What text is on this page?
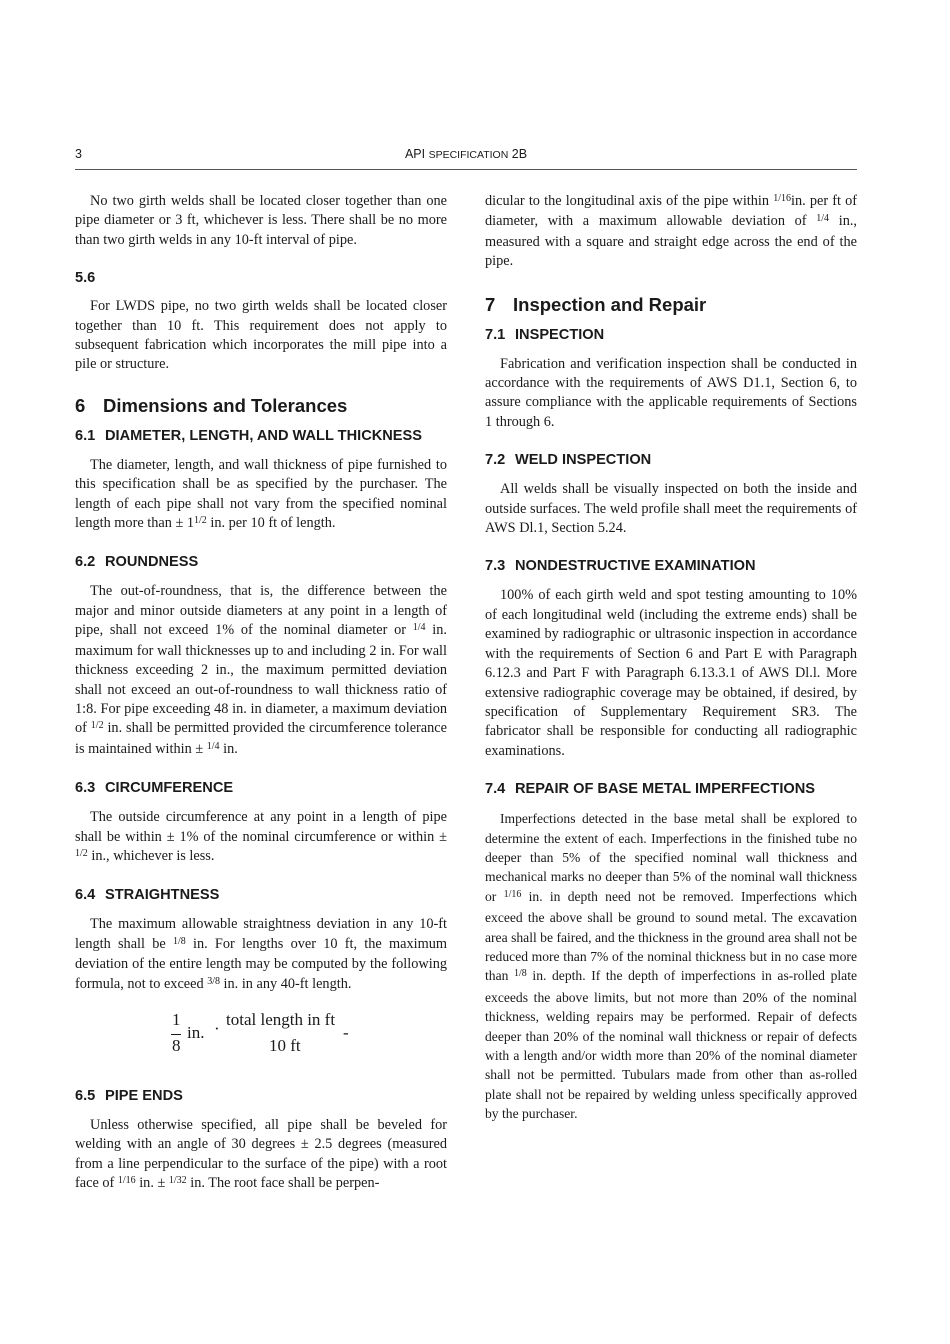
3	API SPECIFICATION 2B

No two girth welds shall be located closer together than one pipe diameter or 3 ft, whichever is less. There shall be no more than two girth welds in any 10-ft interval of pipe.

5.6

For LWDS pipe, no two girth welds shall be located closer together than 10 ft. This requirement does not apply to subsequent fabrication which incorporates the mill pipe into a pile or structure.

6 Dimensions and Tolerances
6.1 DIAMETER, LENGTH, AND WALL THICKNESS

The diameter, length, and wall thickness of pipe furnished to this specification shall be as specified by the purchaser. The length of each pipe shall not vary from the specified nominal length more than ± $1^{1/2}$ in. per 10 ft of length.

6.2 ROUNDNESS

The out-of-roundness, that is, the difference between the major and minor outside diameters at any point in a length of pipe, shall not exceed 1% of the nominal diameter or $^{1/4}$ in. maximum for wall thicknesses up to and including 2 in. For wall thickness exceeding 2 in., the maximum permitted deviation shall not exceed an out-of-roundness to wall thickness ratio of 1:8. For pipe exceeding 48 in. in diameter, a maximum deviation of $^{1/2}$ in. shall be permitted provided the circumference tolerance is maintained within ± $^{1/4}$ in.

6.3 CIRCUMFERENCE

The outside circumference at any point in a length of pipe shall be within ± 1% of the nominal circumference or within ± $^{1/2}$ in., whichever is less.

6.4 STRAIGHTNESS

The maximum allowable straightness deviation in any 10-ft length shall be $^{1/8}$ in. For lengths over 10 ft, the maximum deviation of the entire length may be computed by the following formula, not to exceed $^{3/8}$ in. in any 40-ft length.

1
8
in. · total length in ft
10 ft
-
6.5 PIPE ENDS

Unless otherwise specified, all pipe shall be beveled for welding with an angle of 30 degrees ± 2.5 degrees (measured from a line perpendicular to the surface of the pipe) with a root face of $^{1/16}$ in. ± $^{1/32}$ in. The root face shall be perpen-

dicular to the longitudinal axis of the pipe within $^{1/16}$in. per ft of diameter, with a maximum allowable deviation of $^{1/4}$ in., measured with a square and straight edge across the end of the pipe.

7 Inspection and Repair
7.1 INSPECTION

Fabrication and verification inspection shall be conducted in accordance with the requirements of AWS D1.1, Section 6, to assure compliance with the applicable requirements of Sections 1 through 6.

7.2 WELD INSPECTION

All welds shall be visually inspected on both the inside and outside surfaces. The weld profile shall meet the requirements of AWS Dl.1, Section 5.24.

7.3 NONDESTRUCTIVE EXAMINATION

100% of each girth weld and spot testing amounting to 10% of each longitudinal weld (including the extreme ends) shall be examined by radiographic or ultrasonic inspection in accordance with the requirements of Section 6 and Part E with Paragraph 6.12.3 and Part F with Paragraph 6.13.3.1 of AWS Dl.l. More extensive radiographic coverage may be obtained, if desired, by specification of Supplementary Requirement SR3. The fabricator shall be responsible for conducting all radiographic examinations.

7.4 REPAIR OF BASE METAL IMPERFECTIONS

Imperfections detected in the base metal shall be explored to determine the extent of each. Imperfections in the finished tube no deeper than 5% of the specified nominal wall thickness and mechanical marks no deeper than 5% of the nominal wall thickness or $^{1/16}$ in. in depth need not be removed. Imperfections which exceed the above shall be ground to sound metal. The excavation area shall be faired, and the thickness in the ground area shall not be reduced more than 7% of the nominal thickness but in no case more than $^{1/8}$ in. depth. If the depth of imperfections in as-rolled plate exceeds the above limits, but not more than 20% of the nominal thickness, welding repairs may be performed. Repair of defects deeper than 20% of the nominal wall thickness or repair of defects with a length and/or width more than 20% of the nominal diameter shall not be permitted. Tubulars made from other than as-rolled plate shall not be repaired by welding unless specifically approved by the purchaser.
